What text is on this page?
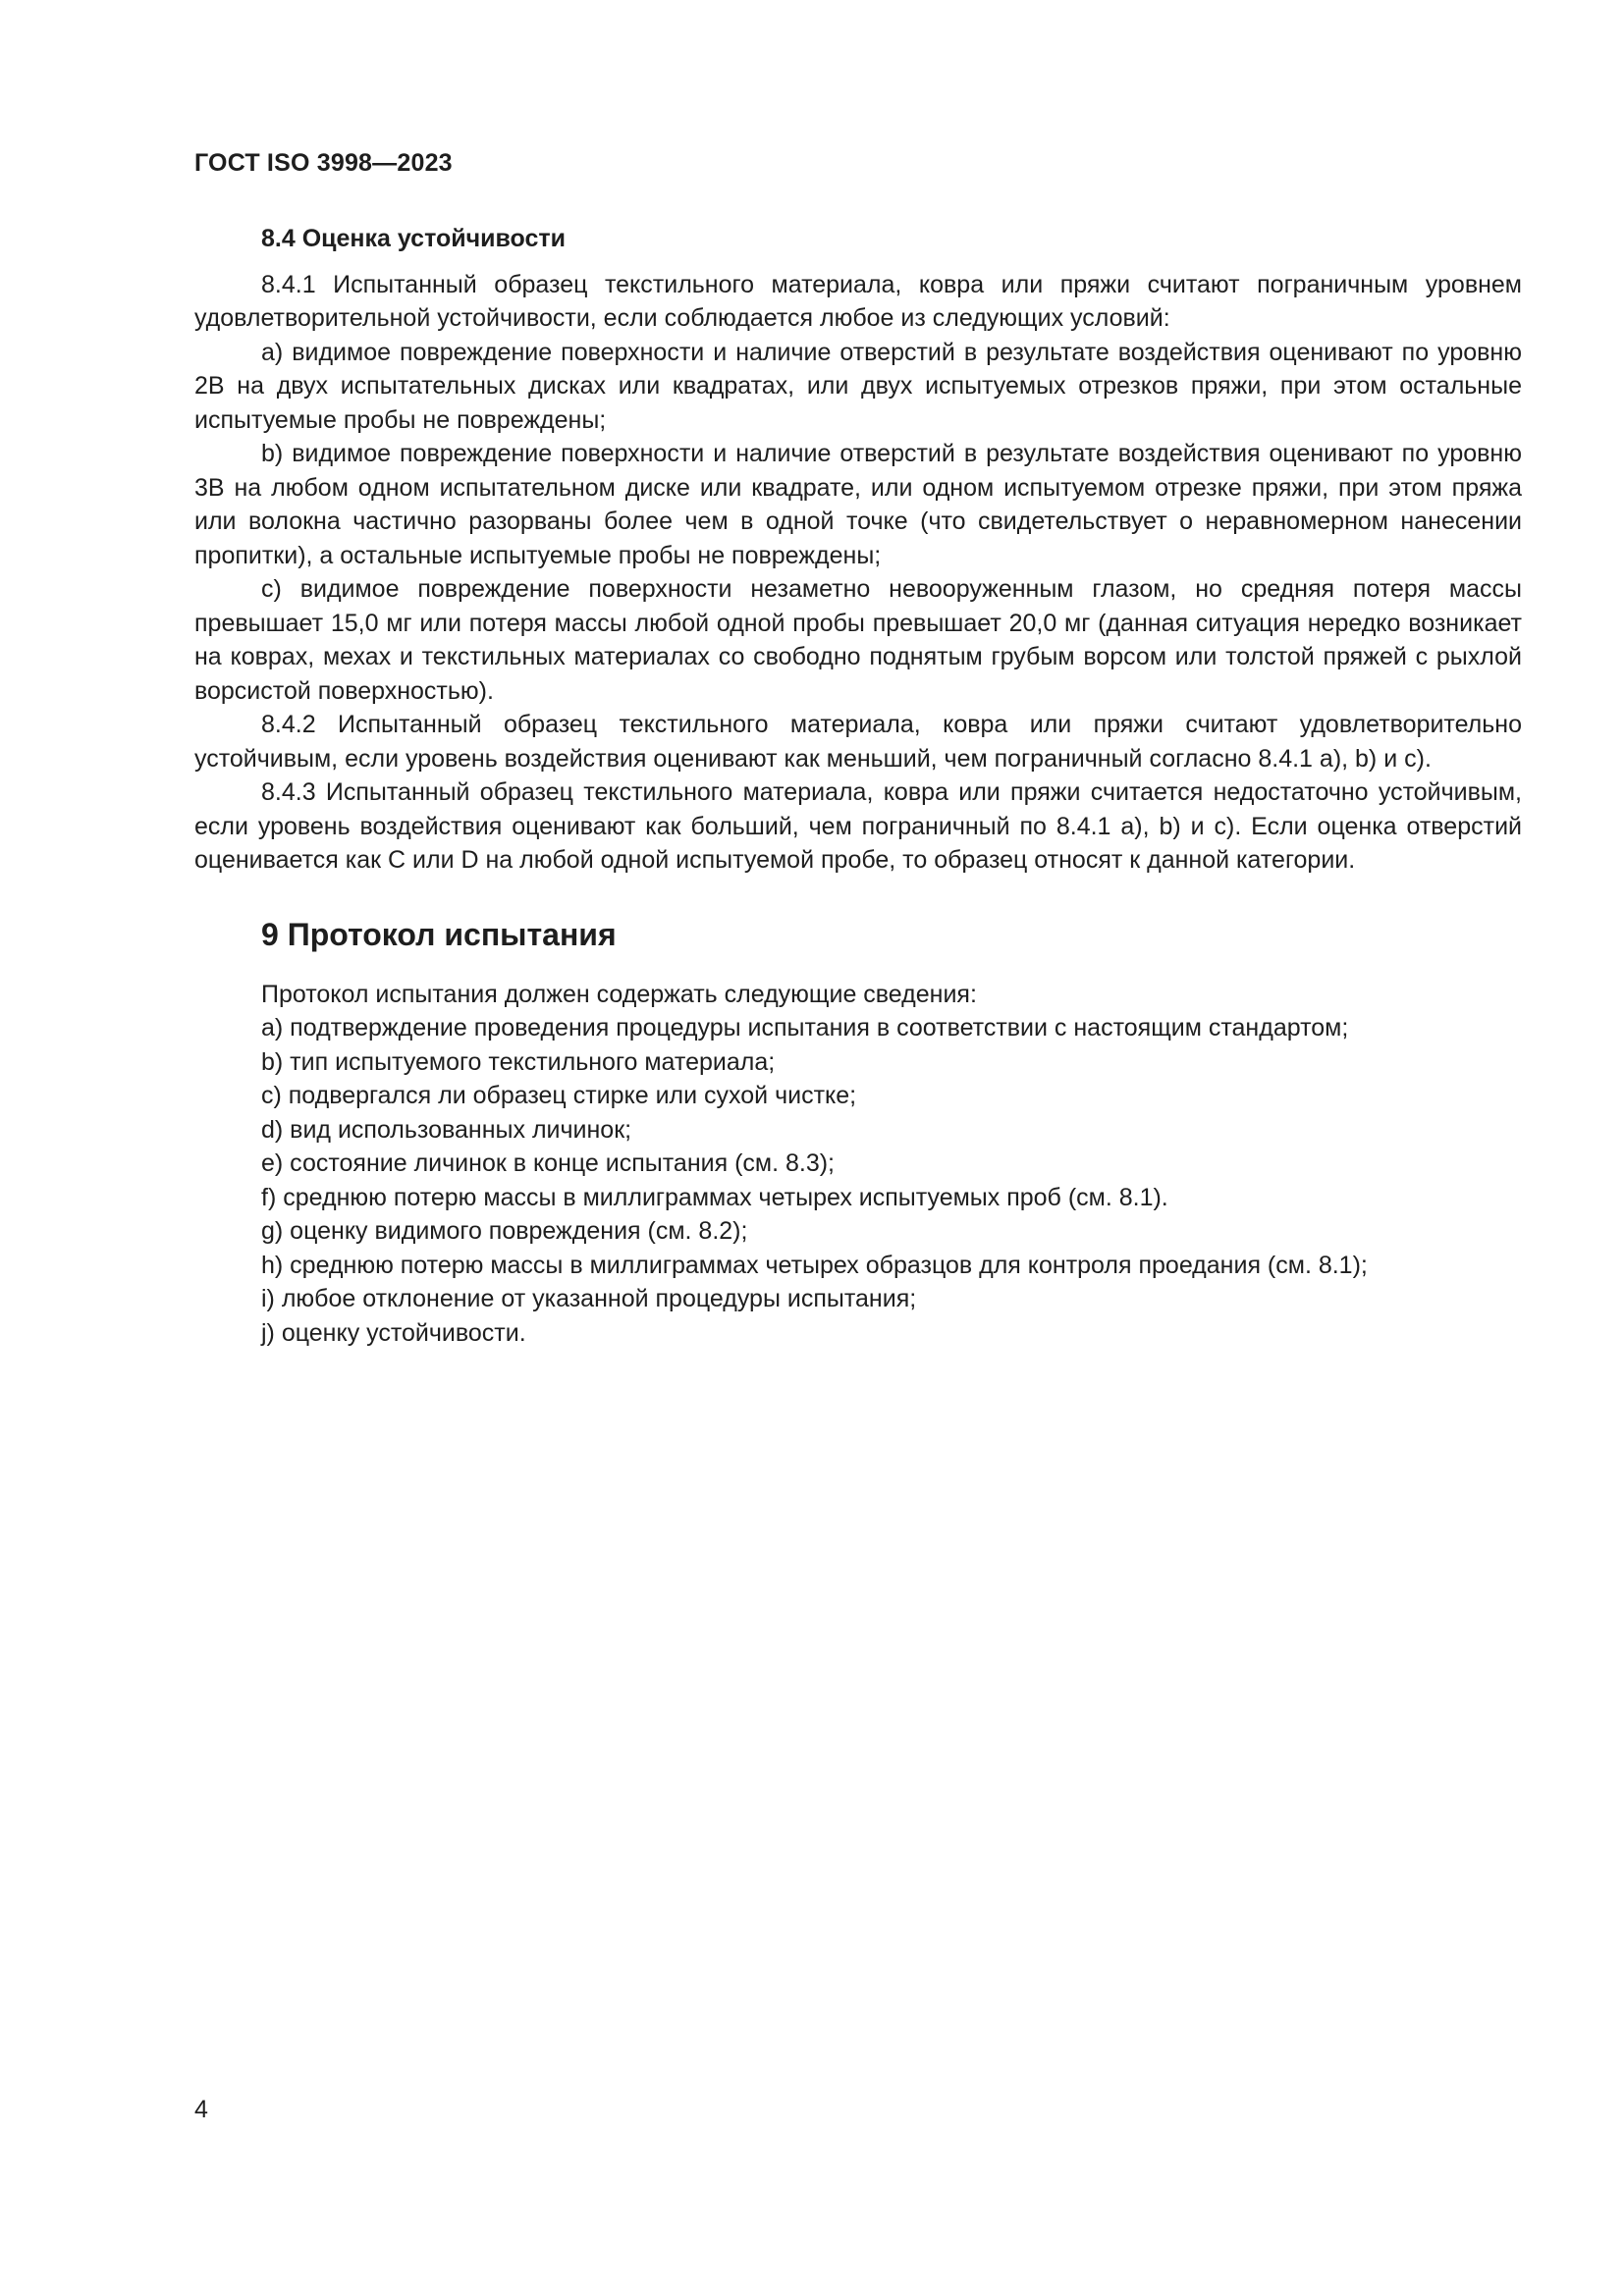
ГОСТ ISO 3998—2023
8.4 Оценка устойчивости

8.4.1 Испытанный образец текстильного материала, ковра или пряжи считают пограничным уровнем удовлетворительной устойчивости, если соблюдается любое из следующих условий:

a) видимое повреждение поверхности и наличие отверстий в результате воздействия оценивают по уровню 2B на двух испытательных дисках или квадратах, или двух испытуемых отрезков пряжи, при этом остальные испытуемые пробы не повреждены;

b) видимое повреждение поверхности и наличие отверстий в результате воздействия оценивают по уровню 3B на любом одном испытательном диске или квадрате, или одном испытуемом отрезке пряжи, при этом пряжа или волокна частично разорваны более чем в одной точке (что свидетельствует о неравномерном нанесении пропитки), а остальные испытуемые пробы не повреждены;

c) видимое повреждение поверхности незаметно невооруженным глазом, но средняя потеря массы превышает 15,0 мг или потеря массы любой одной пробы превышает 20,0 мг (данная ситуация нередко возникает на коврах, мехах и текстильных материалах со свободно поднятым грубым ворсом или толстой пряжей с рыхлой ворсистой поверхностью).

8.4.2 Испытанный образец текстильного материала, ковра или пряжи считают удовлетворительно устойчивым, если уровень воздействия оценивают как меньший, чем пограничный согласно 8.4.1 a), b) и c).

8.4.3 Испытанный образец текстильного материала, ковра или пряжи считается недостаточно устойчивым, если уровень воздействия оценивают как больший, чем пограничный по 8.4.1 a), b) и c). Если оценка отверстий оценивается как C или D на любой одной испытуемой пробе, то образец относят к данной категории.

9 Протокол испытания

Протокол испытания должен содержать следующие сведения:

a) подтверждение проведения процедуры испытания в соответствии с настоящим стандартом;

b) тип испытуемого текстильного материала;

c) подвергался ли образец стирке или сухой чистке;

d) вид использованных личинок;

e) состояние личинок в конце испытания (см. 8.3);

f) среднюю потерю массы в миллиграммах четырех испытуемых проб (см. 8.1).

g) оценку видимого повреждения (см. 8.2);

h) среднюю потерю массы в миллиграммах четырех образцов для контроля проедания (см. 8.1);

i) любое отклонение от указанной процедуры испытания;

j) оценку устойчивости.

4
